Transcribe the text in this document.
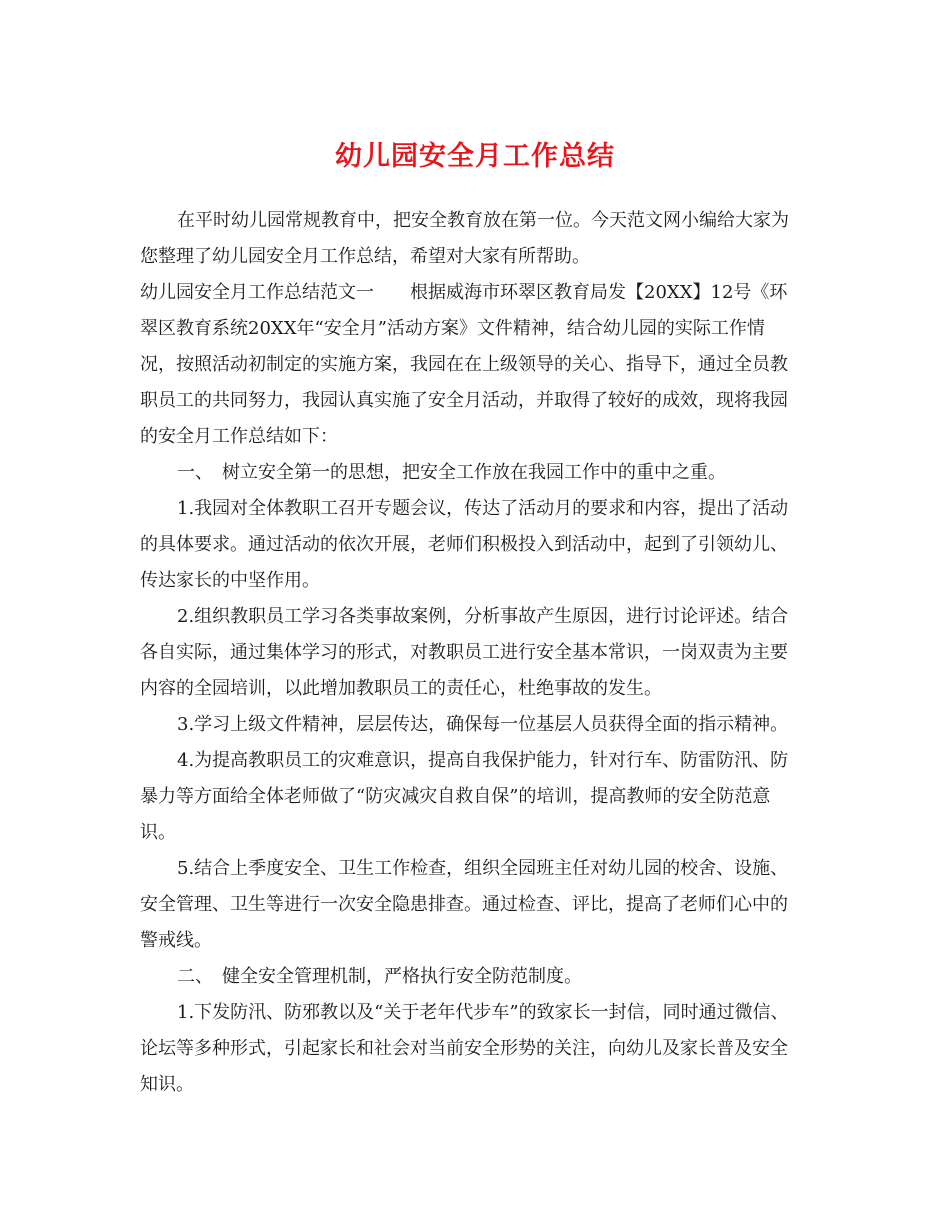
幼儿园安全月工作总结
在平时幼儿园常规教育中，把安全教育放在第一位。今天范文网小编给大家为
您整理了幼儿园安全月工作总结，希望对大家有所帮助。
幼儿园安全月工作总结范文一　　根据威海市环翠区教育局发【20XX】12号《环
翠区教育系统20XX年“安全月”活动方案》文件精神，结合幼儿园的实际工作情
况，按照活动初制定的实施方案，我园在在上级领导的关心、指导下，通过全员教
职员工的共同努力，我园认真实施了安全月活动，并取得了较好的成效，现将我园
的安全月工作总结如下：
一、　树立安全第一的思想，把安全工作放在我园工作中的重中之重。
1.我园对全体教职工召开专题会议，传达了活动月的要求和内容，提出了活动
的具体要求。通过活动的依次开展，老师们积极投入到活动中，起到了引领幼儿、
传达家长的中坚作用。
2.组织教职员工学习各类事故案例，分析事故产生原因，进行讨论评述。结合
各自实际，通过集体学习的形式，对教职员工进行安全基本常识，一岗双责为主要
内容的全园培训，以此增加教职员工的责任心，杜绝事故的发生。
3.学习上级文件精神，层层传达，确保每一位基层人员获得全面的指示精神。
4.为提高教职员工的灾难意识，提高自我保护能力，针对行车、防雷防汛、防
暴力等方面给全体老师做了“防灾减灾自救自保”的培训，提高教师的安全防范意
识。
5.结合上季度安全、卫生工作检查，组织全园班主任对幼儿园的校舍、设施、
安全管理、卫生等进行一次安全隐患排查。通过检查、评比，提高了老师们心中的
警戒线。
二、　健全安全管理机制，严格执行安全防范制度。
1.下发防汛、防邪教以及“关于老年代步车”的致家长一封信，同时通过微信、
论坛等多种形式，引起家长和社会对当前安全形势的关注，向幼儿及家长普及安全
知识。
